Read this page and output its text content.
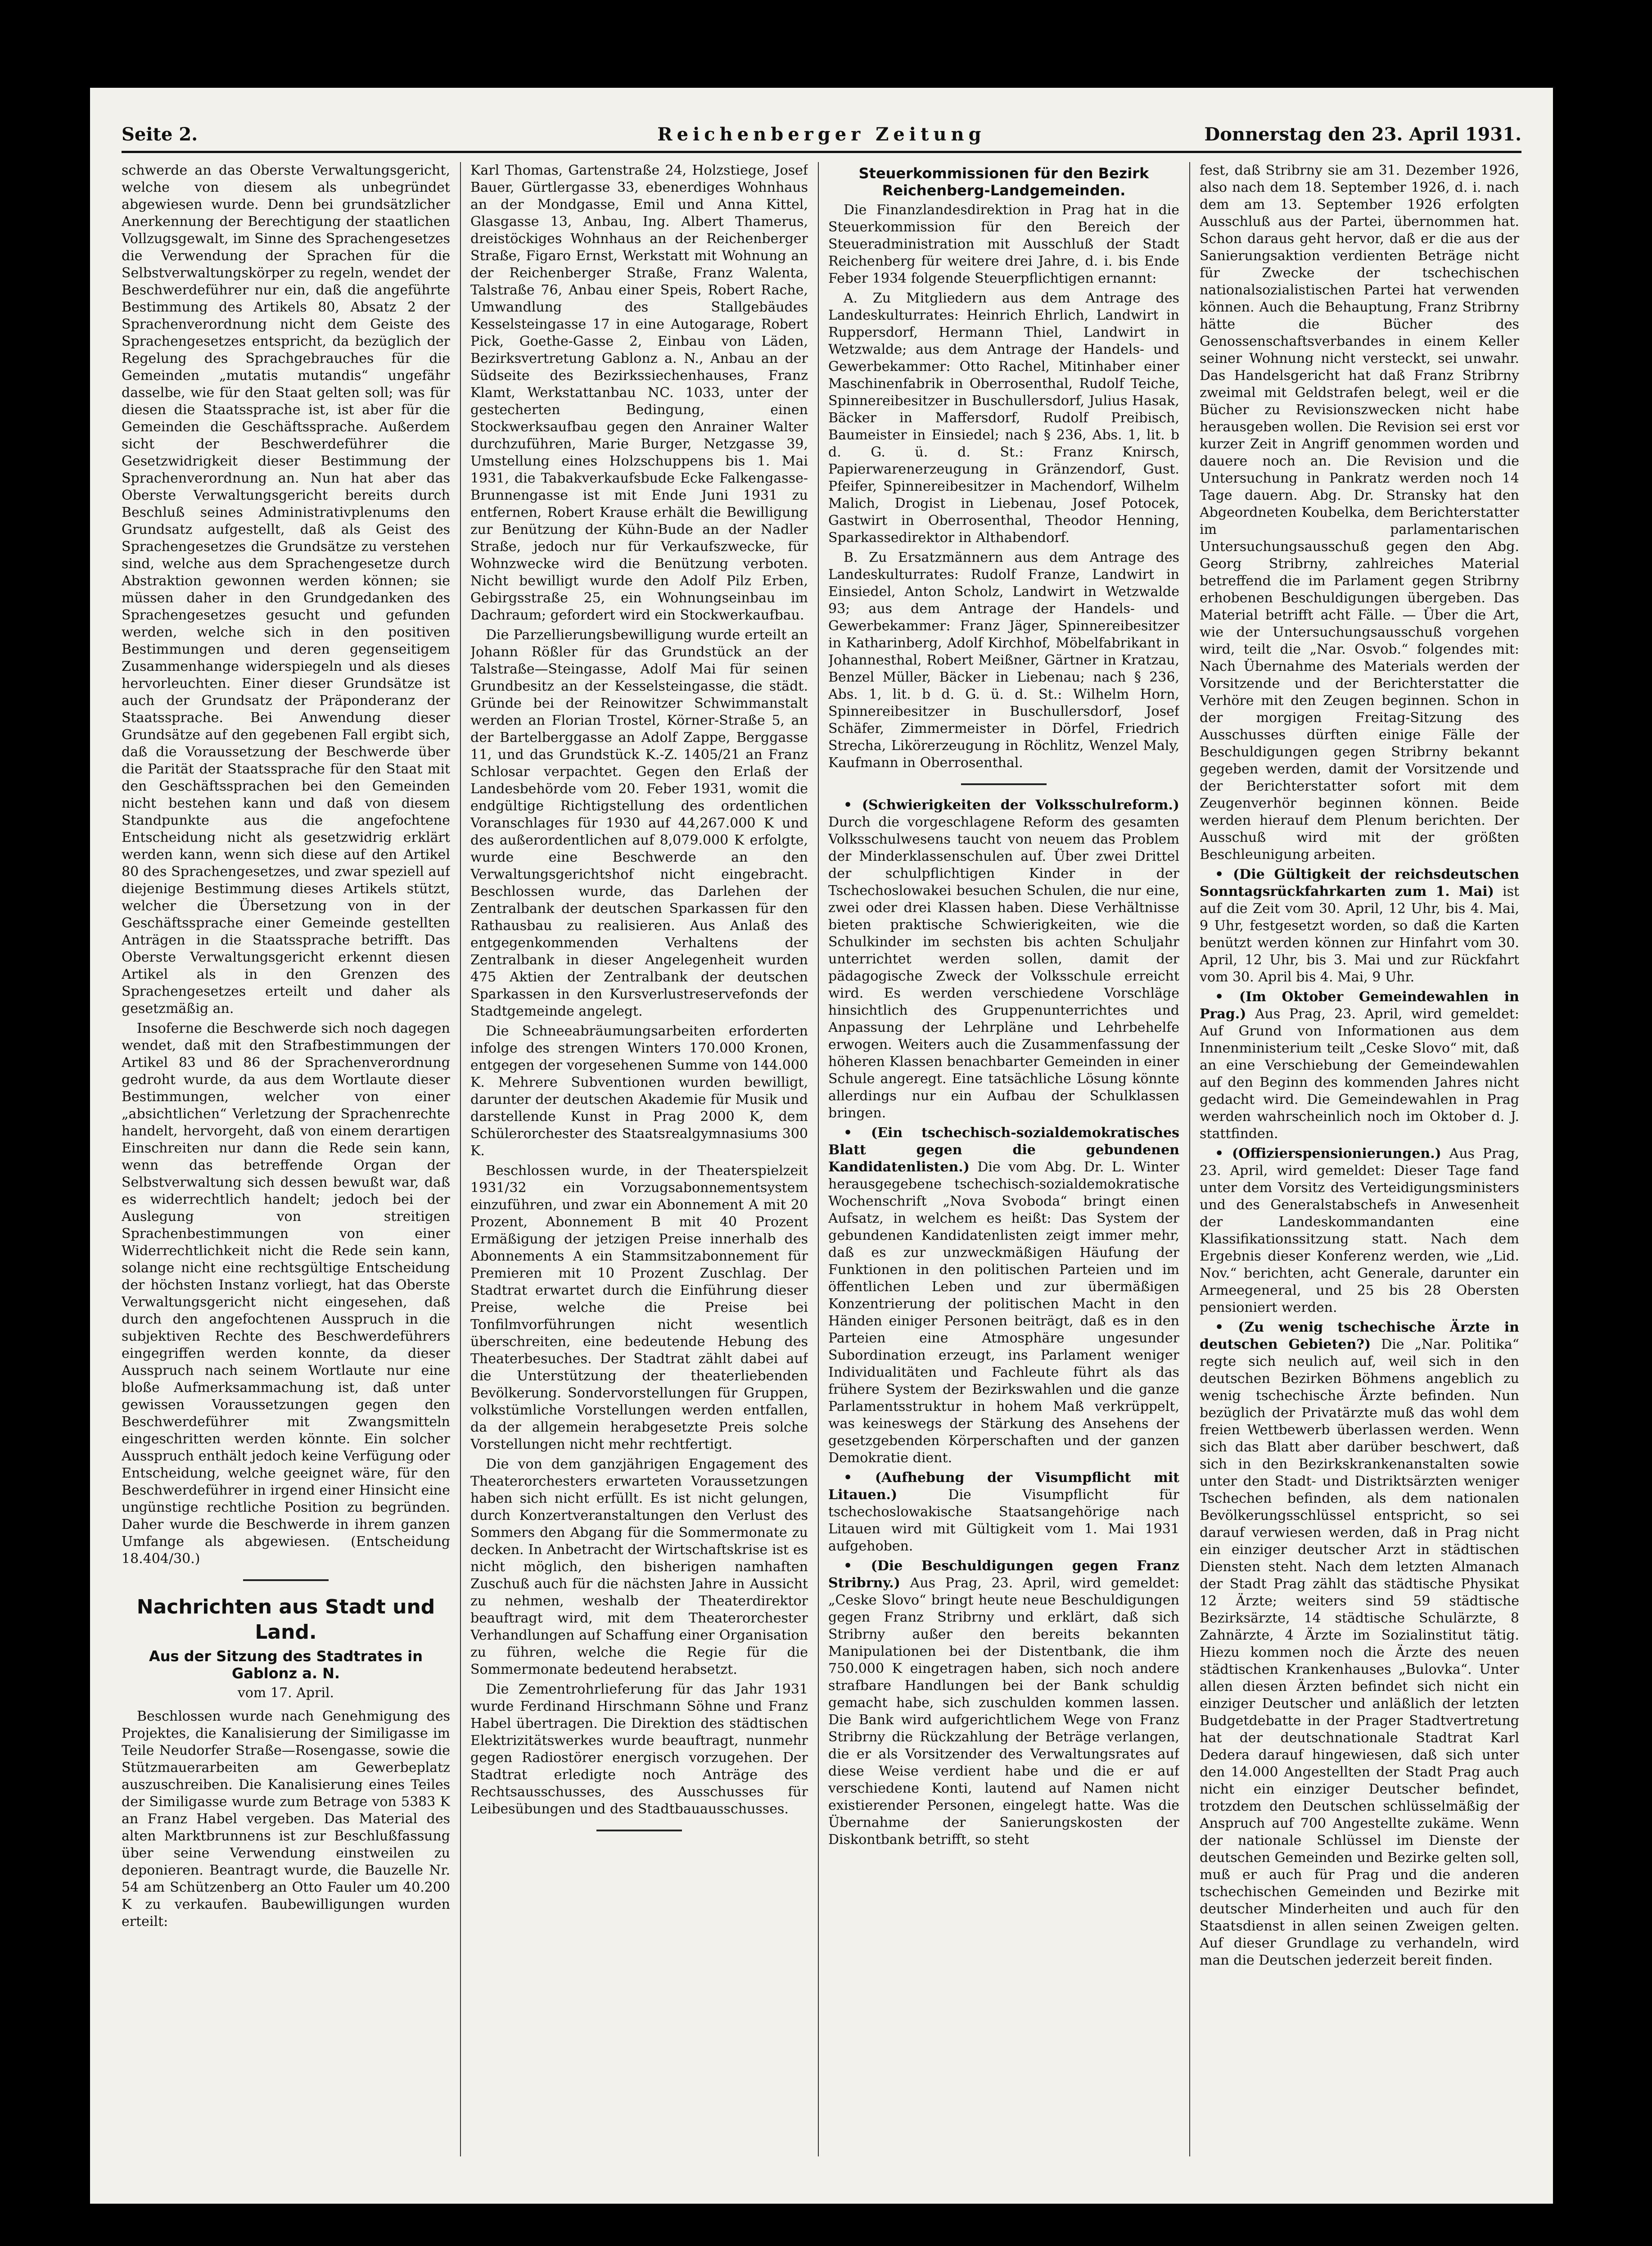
Seite 2.	Reichenberger Zeitung	Donnerstag den 23. April 1931.

schwerde an das Oberste Verwaltungsgericht, welche von diesem als unbegründet abgewiesen wurde. Denn bei grundsätzlicher Anerkennung der Berechtigung der staatlichen Vollzugsgewalt, im Sinne des Sprachengesetzes die Verwendung der Sprachen für die Selbstverwaltungskörper zu regeln, wendet der Beschwerdeführer nur ein, daß die angeführte Bestimmung des Artikels 80, Absatz 2 der Sprachenverordnung nicht dem Geiste des Sprachengesetzes entspricht, da bezüglich der Regelung des Sprachgebrauches für die Gemeinden „mutatis mutandis“ ungefähr dasselbe, wie für den Staat gelten soll; was für diesen die Staatssprache ist, ist aber für die Gemeinden die Geschäftssprache. Außerdem sicht der Beschwerdeführer die Gesetzwidrigkeit dieser Bestimmung der Sprachenverordnung an. Nun hat aber das Oberste Verwaltungsgericht bereits durch Beschluß seines Administrativplenums den Grundsatz aufgestellt, daß als Geist des Sprachengesetzes die Grundsätze zu verstehen sind, welche aus dem Sprachengesetze durch Abstraktion gewonnen werden können; sie müssen daher in den Grundgedanken des Sprachengesetzes gesucht und gefunden werden, welche sich in den positiven Bestimmungen und deren gegenseitigem Zusammenhange widerspiegeln und als dieses hervorleuchten. Einer dieser Grundsätze ist auch der Grundsatz der Präponderanz der Staatssprache. Bei Anwendung dieser Grundsätze auf den gegebenen Fall ergibt sich, daß die Voraussetzung der Beschwerde über die Parität der Staatssprache für den Staat mit den Geschäftssprachen bei den Gemeinden nicht bestehen kann und daß von diesem Standpunkte aus die angefochtene Entscheidung nicht als gesetzwidrig erklärt werden kann, wenn sich diese auf den Artikel 80 des Sprachengesetzes, und zwar speziell auf diejenige Bestimmung dieses Artikels stützt, welcher die Übersetzung von in der Geschäftssprache einer Gemeinde gestellten Anträgen in die Staatssprache betrifft. Das Oberste Verwaltungsgericht erkennt diesen Artikel als in den Grenzen des Sprachengesetzes erteilt und daher als gesetzmäßig an.

Insoferne die Beschwerde sich noch dagegen wendet, daß mit den Strafbestimmungen der Artikel 83 und 86 der Sprachenverordnung gedroht wurde, da aus dem Wortlaute dieser Bestimmungen, welcher von einer „absichtlichen“ Verletzung der Sprachenrechte handelt, hervorgeht, daß von einem derartigen Einschreiten nur dann die Rede sein kann, wenn das betreffende Organ der Selbstverwaltung sich dessen bewußt war, daß es widerrechtlich handelt; jedoch bei der Auslegung von streitigen Sprachenbestimmungen von einer Widerrechtlichkeit nicht die Rede sein kann, solange nicht eine rechtsgültige Entscheidung der höchsten Instanz vorliegt, hat das Oberste Verwaltungsgericht nicht eingesehen, daß durch den angefochtenen Ausspruch in die subjektiven Rechte des Beschwerdeführers eingegriffen werden konnte, da dieser Ausspruch nach seinem Wortlaute nur eine bloße Aufmerksammachung ist, daß unter gewissen Voraussetzungen gegen den Beschwerdeführer mit Zwangsmitteln eingeschritten werden könnte. Ein solcher Ausspruch enthält jedoch keine Verfügung oder Entscheidung, welche geeignet wäre, für den Beschwerdeführer in irgend einer Hinsicht eine ungünstige rechtliche Position zu begründen. Daher wurde die Beschwerde in ihrem ganzen Umfange als abgewiesen. (Entscheidung 18.404/30.)

Nachrichten aus Stadt und Land.
Aus der Sitzung des Stadtrates in Gablonz a. N.
vom 17. April.

Beschlossen wurde nach Genehmigung des Projektes, die Kanalisierung der Similigasse im Teile Neudorfer Straße—Rosengasse, sowie die Stützmauerarbeiten am Gewerbeplatz auszuschreiben. Die Kanalisierung eines Teiles der Similigasse wurde zum Betrage von 5383 K an Franz Habel vergeben. Das Material des alten Marktbrunnens ist zur Beschlußfassung über seine Verwendung einstweilen zu deponieren. Beantragt wurde, die Bauzelle Nr. 54 am Schützenberg an Otto Fauler um 40.200 K zu verkaufen. Baubewilligungen wurden erteilt:

Karl Thomas, Gartenstraße 24, Holzstiege, Josef Bauer, Gürtlergasse 33, ebenerdiges Wohnhaus an der Mondgasse, Emil und Anna Kittel, Glasgasse 13, Anbau, Ing. Albert Thamerus, dreistöckiges Wohnhaus an der Reichenberger Straße, Figaro Ernst, Werkstatt mit Wohnung an der Reichenberger Straße, Franz Walenta, Talstraße 76, Anbau einer Speis, Robert Rache, Umwandlung des Stallgebäudes Kesselsteingasse 17 in eine Autogarage, Robert Pick, Goethe-Gasse 2, Einbau von Läden, Bezirksvertretung Gablonz a. N., Anbau an der Südseite des Bezirkssiechenhauses, Franz Klamt, Werkstattanbau NC. 1033, unter der gestecherten Bedingung, einen Stockwerksaufbau gegen den Anrainer Walter durchzuführen, Marie Burger, Netzgasse 39, Umstellung eines Holzschuppens bis 1. Mai 1931, die Tabakverkaufsbude Ecke Falkengasse-Brunnengasse ist mit Ende Juni 1931 zu entfernen, Robert Krause erhält die Bewilligung zur Benützung der Kühn-Bude an der Nadler Straße, jedoch nur für Verkaufszwecke, für Wohnzwecke wird die Benützung verboten. Nicht bewilligt wurde den Adolf Pilz Erben, Gebirgsstraße 25, ein Wohnungseinbau im Dachraum; gefordert wird ein Stockwerkaufbau.

Die Parzellierungsbewilligung wurde erteilt an Johann Rößler für das Grundstück an der Talstraße—Steingasse, Adolf Mai für seinen Grundbesitz an der Kesselsteingasse, die städt. Gründe bei der Reinowitzer Schwimmanstalt werden an Florian Trostel, Körner-Straße 5, an der Bartelberggasse an Adolf Zappe, Berggasse 11, und das Grundstück K.-Z. 1405/21 an Franz Schlosar verpachtet. Gegen den Erlaß der Landesbehörde vom 20. Feber 1931, womit die endgültige Richtigstellung des ordentlichen Voranschlages für 1930 auf 44,267.000 K und des außerordentlichen auf 8,079.000 K erfolgte, wurde eine Beschwerde an den Verwaltungsgerichtshof nicht eingebracht. Beschlossen wurde, das Darlehen der Zentralbank der deutschen Sparkassen für den Rathausbau zu realisieren. Aus Anlaß des entgegenkommenden Verhaltens der Zentralbank in dieser Angelegenheit wurden 475 Aktien der Zentralbank der deutschen Sparkassen in den Kursverlustreservefonds der Stadtgemeinde angelegt.

Die Schneeabräumungsarbeiten erforderten infolge des strengen Winters 170.000 Kronen, entgegen der vorgesehenen Summe von 144.000 K. Mehrere Subventionen wurden bewilligt, darunter der deutschen Akademie für Musik und darstellende Kunst in Prag 2000 K, dem Schülerorchester des Staatsrealgymnasiums 300 K.

Beschlossen wurde, in der Theaterspielzeit 1931/32 ein Vorzugsabonnementsystem einzuführen, und zwar ein Abonnement A mit 20 Prozent, Abonnement B mit 40 Prozent Ermäßigung der jetzigen Preise innerhalb des Abonnements A ein Stammsitzabonnement für Premieren mit 10 Prozent Zuschlag. Der Stadtrat erwartet durch die Einführung dieser Preise, welche die Preise bei Tonfilmvorführungen nicht wesentlich überschreiten, eine bedeutende Hebung des Theaterbesuches. Der Stadtrat zählt dabei auf die Unterstützung der theaterliebenden Bevölkerung. Sondervorstellungen für Gruppen, volkstümliche Vorstellungen werden entfallen, da der allgemein herabgesetzte Preis solche Vorstellungen nicht mehr rechtfertigt.

Die von dem ganzjährigen Engagement des Theaterorchesters erwarteten Voraussetzungen haben sich nicht erfüllt. Es ist nicht gelungen, durch Konzertveranstaltungen den Verlust des Sommers den Abgang für die Sommermonate zu decken. In Anbetracht der Wirtschaftskrise ist es nicht möglich, den bisherigen namhaften Zuschuß auch für die nächsten Jahre in Aussicht zu nehmen, weshalb der Theaterdirektor beauftragt wird, mit dem Theaterorchester Verhandlungen auf Schaffung einer Organisation zu führen, welche die Regie für die Sommermonate bedeutend herabsetzt.

Die Zementrohrlieferung für das Jahr 1931 wurde Ferdinand Hirschmann Söhne und Franz Habel übertragen. Die Direktion des städtischen Elektrizitätswerkes wurde beauftragt, nunmehr gegen Radiostörer energisch vorzugehen. Der Stadtrat erledigte noch Anträge des Rechtsausschusses, des Ausschusses für Leibesübungen und des Stadtbauausschusses.

Steuerkommissionen für den Bezirk Reichenberg-Landgemeinden.

Die Finanzlandesdirektion in Prag hat in die Steuerkommission für den Bereich der Steueradministration mit Ausschluß der Stadt Reichenberg für weitere drei Jahre, d. i. bis Ende Feber 1934 folgende Steuerpflichtigen ernannt:

A. Zu Mitgliedern aus dem Antrage des Landeskulturrates: Heinrich Ehrlich, Landwirt in Ruppersdorf, Hermann Thiel, Landwirt in Wetzwalde; aus dem Antrage der Handels- und Gewerbekammer: Otto Rachel, Mitinhaber einer Maschinenfabrik in Oberrosenthal, Rudolf Teiche, Spinnereibesitzer in Buschullersdorf, Julius Hasak, Bäcker in Maffersdorf, Rudolf Preibisch, Baumeister in Einsiedel; nach § 236, Abs. 1, lit. b d. G. ü. d. St.: Franz Knirsch, Papierwarenerzeugung in Gränzendorf, Gust. Pfeifer, Spinnereibesitzer in Machendorf, Wilhelm Malich, Drogist in Liebenau, Josef Potocek, Gastwirt in Oberrosenthal, Theodor Henning, Sparkassedirektor in Althabendorf.

B. Zu Ersatzmännern aus dem Antrage des Landeskulturrates: Rudolf Franze, Landwirt in Einsiedel, Anton Scholz, Landwirt in Wetzwalde 93; aus dem Antrage der Handels- und Gewerbekammer: Franz Jäger, Spinnereibesitzer in Katharinberg, Adolf Kirchhof, Möbelfabrikant in Johannesthal, Robert Meißner, Gärtner in Kratzau, Benzel Müller, Bäcker in Liebenau; nach § 236, Abs. 1, lit. b d. G. ü. d. St.: Wilhelm Horn, Spinnereibesitzer in Buschullersdorf, Josef Schäfer, Zimmermeister in Dörfel, Friedrich Strecha, Likörerzeugung in Röchlitz, Wenzel Maly, Kaufmann in Oberrosenthal.

• (Schwierigkeiten der Volksschulreform.) Durch die vorgeschlagene Reform des gesamten Volksschulwesens taucht von neuem das Problem der Minderklassenschulen auf. Über zwei Drittel der schulpflichtigen Kinder in der Tschechoslowakei besuchen Schulen, die nur eine, zwei oder drei Klassen haben. Diese Verhältnisse bieten praktische Schwierigkeiten, wie die Schulkinder im sechsten bis achten Schuljahr unterrichtet werden sollen, damit der pädagogische Zweck der Volksschule erreicht wird. Es werden verschiedene Vorschläge hinsichtlich des Gruppenunterrichtes und Anpassung der Lehrpläne und Lehrbehelfe erwogen. Weiters auch die Zusammenfassung der höheren Klassen benachbarter Gemeinden in einer Schule angeregt. Eine tatsächliche Lösung könnte allerdings nur ein Aufbau der Schulklassen bringen.

• (Ein tschechisch-sozialdemokratisches Blatt gegen die gebundenen Kandidatenlisten.) Die vom Abg. Dr. L. Winter herausgegebene tschechisch-sozialdemokratische Wochenschrift „Nova Svoboda“ bringt einen Aufsatz, in welchem es heißt: Das System der gebundenen Kandidatenlisten zeigt immer mehr, daß es zur unzweckmäßigen Häufung der Funktionen in den politischen Parteien und im öffentlichen Leben und zur übermäßigen Konzentrierung der politischen Macht in den Händen einiger Personen beiträgt, daß es in den Parteien eine Atmosphäre ungesunder Subordination erzeugt, ins Parlament weniger Individualitäten und Fachleute führt als das frühere System der Bezirkswahlen und die ganze Parlamentsstruktur in hohem Maß verkrüppelt, was keineswegs der Stärkung des Ansehens der gesetzgebenden Körperschaften und der ganzen Demokratie dient.

• (Aufhebung der Visumpflicht mit Litauen.)	Die Visumpflicht für tschechoslowakische Staatsangehörige nach Litauen wird mit Gültigkeit vom 1. Mai 1931 aufgehoben.

• (Die Beschuldigungen gegen Franz Stribrny.) Aus Prag, 23. April, wird gemeldet: „Ceske Slovo“ bringt heute neue Beschuldigungen gegen Franz Stribrny und erklärt, daß sich Stribrny außer den bereits bekannten Manipulationen bei der Distentbank, die ihm 750.000 K eingetragen haben, sich noch andere strafbare Handlungen bei der Bank schuldig gemacht habe, sich zuschulden kommen lassen. Die Bank wird aufgerichtlichem Wege von Franz Stribrny die Rückzahlung der Beträge verlangen, die er als Vorsitzender des Verwaltungsrates auf diese Weise verdient habe und die er auf verschiedene Konti, lautend auf Namen nicht existierender Personen, eingelegt hatte. Was die Übernahme der Sanierungskosten der Diskontbank betrifft, so steht

fest, daß Stribrny sie am 31. Dezember 1926, also nach dem 18. September 1926, d. i. nach dem am 13. September 1926 erfolgten Ausschluß aus der Partei, übernommen hat. Schon daraus geht hervor, daß er die aus der Sanierungsaktion verdienten Beträge nicht für Zwecke der tschechischen nationalsozialistischen Partei hat verwenden können. Auch die Behauptung, Franz Stribrny hätte die Bücher des Genossenschaftsverbandes in einem Keller seiner Wohnung nicht versteckt, sei unwahr. Das Handelsgericht hat daß Franz Stribrny zweimal mit Geldstrafen belegt, weil er die Bücher zu Revisionszwecken nicht habe herausgeben wollen. Die Revision sei erst vor kurzer Zeit in Angriff genommen worden und dauere noch an. Die Revision und die Untersuchung in Pankratz werden noch 14 Tage dauern. Abg. Dr. Stransky hat den Abgeordneten Koubelka, dem Berichterstatter im parlamentarischen Untersuchungsausschuß gegen den Abg. Georg Stribrny, zahlreiches Material betreffend die im Parlament gegen Stribrny erhobenen Beschuldigungen übergeben. Das Material betrifft acht Fälle. — Über die Art, wie der Untersuchungsausschuß vorgehen wird, teilt die „Nar. Osvob.“ folgendes mit: Nach Übernahme des Materials werden der Vorsitzende und der Berichterstatter die Verhöre mit den Zeugen beginnen. Schon in der morgigen Freitag-Sitzung des Ausschusses dürften einige Fälle der Beschuldigungen gegen Stribrny bekannt gegeben werden, damit der Vorsitzende und der Berichterstatter sofort mit dem Zeugenverhör beginnen können. Beide werden hierauf dem Plenum berichten. Der Ausschuß wird mit der größten Beschleunigung arbeiten.

• (Die Gültigkeit der reichsdeutschen Sonntagsrückfahrkarten zum 1. Mai) ist auf die Zeit vom 30. April, 12 Uhr, bis 4. Mai, 9 Uhr, festgesetzt worden, so daß die Karten benützt werden können zur Hinfahrt vom 30. April, 12 Uhr, bis 3. Mai und zur Rückfahrt vom 30. April bis 4. Mai, 9 Uhr.

• (Im Oktober Gemeindewahlen in Prag.) Aus Prag, 23. April, wird gemeldet: Auf Grund von Informationen aus dem Innenministerium teilt „Ceske Slovo“ mit, daß an eine Verschiebung der Gemeindewahlen auf den Beginn des kommenden Jahres nicht gedacht wird. Die Gemeindewahlen in Prag werden wahrscheinlich noch im Oktober d. J. stattfinden.

• (Offizierspensionierungen.) Aus Prag, 23. April, wird gemeldet: Dieser Tage fand unter dem Vorsitz des Verteidigungsministers und des Generalstabschefs in Anwesenheit der Landeskommandanten eine Klassifikationssitzung statt. Nach dem Ergebnis dieser Konferenz werden, wie „Lid. Nov.“ berichten, acht Generale, darunter ein Armeegeneral, und 25 bis 28 Obersten pensioniert werden.

• (Zu wenig tschechische Ärzte in deutschen Gebieten?) Die „Nar. Politika“ regte sich neulich auf, weil sich in den deutschen Bezirken Böhmens angeblich zu wenig tschechische Ärzte befinden. Nun bezüglich der Privatärzte muß das wohl dem freien Wettbewerb überlassen werden. Wenn sich das Blatt aber darüber beschwert, daß sich in den Bezirkskrankenanstalten sowie unter den Stadt- und Distriktsärzten weniger Tschechen befinden, als dem nationalen Bevölkerungsschlüssel entspricht, so sei darauf verwiesen werden, daß in Prag nicht ein einziger deutscher Arzt in städtischen Diensten steht. Nach dem letzten Almanach der Stadt Prag zählt das städtische Physikat 12 Ärzte; weiters sind 59 städtische Bezirksärzte, 14 städtische Schulärzte, 8 Zahnärzte, 4 Ärzte im Sozialinstitut tätig. Hiezu kommen noch die Ärzte des neuen städtischen Krankenhauses „Bulovka“. Unter allen diesen Ärzten befindet sich nicht ein einziger Deutscher und anläßlich der letzten Budgetdebatte in der Prager Stadtvertretung hat der deutschnationale Stadtrat Karl Dedera darauf hingewiesen, daß sich unter den 14.000 Angestellten der Stadt Prag auch nicht ein einziger Deutscher befindet, trotzdem den Deutschen schlüsselmäßig der Anspruch auf 700 Angestellte zukäme. Wenn der nationale Schlüssel im Dienste der deutschen Gemeinden und Bezirke gelten soll, muß er auch für Prag und die anderen tschechischen Gemeinden und Bezirke mit deutscher Minderheiten und auch für den Staatsdienst in allen seinen Zweigen gelten. Auf dieser Grundlage zu verhandeln, wird man die Deutschen jederzeit bereit finden.
